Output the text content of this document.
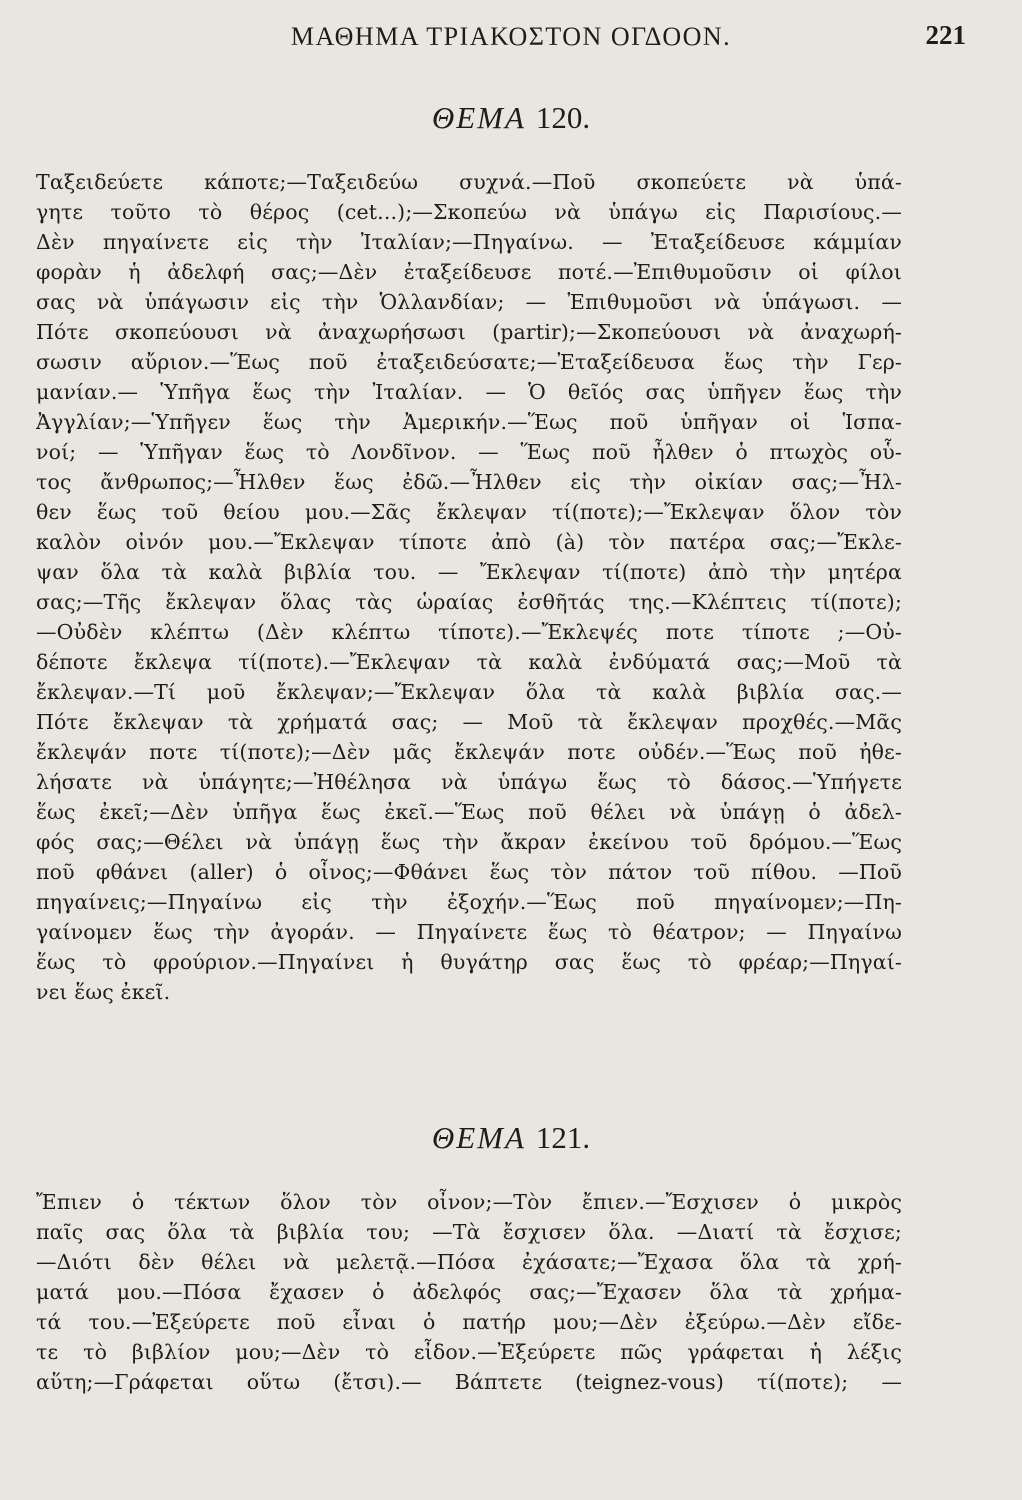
ΜΑΘΗΜΑ ΤΡΙΑΚΟΣΤΟΝ ΟΓΔΟΟΝ.	221
ΘΕΜΑ 120.
Ταξειδεύετε κάποτε;—Ταξειδεύω συχνά.—Ποῦ σκοπεύετε νὰ ὑπά-
γητε τοῦτο τὸ θέρος (cet...);—Σκοπεύω νὰ ὑπάγω εἰς Παρισίους.—
Δὲν πηγαίνετε εἰς τὴν Ἰταλίαν;—Πηγαίνω. — Ἐταξείδευσε κάμμίαν
φορὰν ἡ ἀδελφή σας;—Δὲν ἐταξείδευσε ποτέ.—Ἐπιθυμοῦσιν οἱ φίλοι
σας νὰ ὑπάγωσιν εἰς τὴν Ὁλλανδίαν; — Ἐπιθυμοῦσι νὰ ὑπάγωσι. —
Πότε σκοπεύουσι νὰ ἀναχωρήσωσι (partir);—Σκοπεύουσι νὰ ἀναχωρή-
σωσιν αὔριον.—Ἕως ποῦ ἐταξειδεύσατε;—Ἐταξείδευσα ἕως τὴν Γερ-
μανίαν.— Ὑπῆγα ἕως τὴν Ἰταλίαν. — Ὁ θεῖός σας ὑπῆγεν ἕως τὴν
Ἀγγλίαν;—Ὑπῆγεν ἕως τὴν Ἀμερικήν.—Ἕως ποῦ ὑπῆγαν οἱ Ἱσπα-
νοί; — Ὑπῆγαν ἕως τὸ Λονδῖνον. — Ἕως ποῦ ἦλθεν ὁ πτωχὸς οὗ-
τος ἄνθρωπος;—Ἦλθεν ἕως ἐδῶ.—Ἦλθεν εἰς τὴν οἰκίαν σας;—Ἦλ-
θεν ἕως τοῦ θείου μου.—Σᾶς ἔκλεψαν τί(ποτε);—Ἔκλεψαν ὅλον τὸν
καλὸν οἰνόν μου.—Ἔκλεψαν τίποτε ἀπὸ (à) τὸν πατέρα σας;—Ἔκλε-
ψαν ὅλα τὰ καλὰ βιβλία του. — Ἔκλεψαν τί(ποτε) ἀπὸ τὴν μητέρα
σας;—Τῆς ἔκλεψαν ὅλας τὰς ὡραίας ἐσθῆτάς της.—Κλέπτεις τί(ποτε);
—Οὐδὲν κλέπτω (Δὲν κλέπτω τίποτε).—Ἔκλεψές ποτε τίποτε ;—Οὐ-
δέποτε ἔκλεψα τί(ποτε).—Ἔκλεψαν τὰ καλὰ ἐνδύματά σας;—Μοῦ τὰ
ἔκλεψαν.—Τί μοῦ ἔκλεψαν;—Ἔκλεψαν ὅλα τὰ καλὰ βιβλία σας.—
Πότε ἔκλεψαν τὰ χρήματά σας; — Μοῦ τὰ ἔκλεψαν προχθές.—Μᾶς
ἔκλεψάν ποτε τί(ποτε);—Δὲν μᾶς ἔκλεψάν ποτε οὐδέν.—Ἕως ποῦ ἠθε-
λήσατε νὰ ὑπάγητε;—Ἠθέλησα νὰ ὑπάγω ἕως τὸ δάσος.—Ὑπήγετε
ἕως ἐκεῖ;—Δὲν ὑπῆγα ἕως ἐκεῖ.—Ἕως ποῦ θέλει νὰ ὑπάγῃ ὁ ἀδελ-
φός σας;—Θέλει νὰ ὑπάγῃ ἕως τὴν ἄκραν ἐκείνου τοῦ δρόμου.—Ἕως
ποῦ φθάνει (aller) ὁ οἶνος;—Φθάνει ἕως τὸν πάτον τοῦ πίθου. —Ποῦ
πηγαίνεις;—Πηγαίνω εἰς τὴν ἐξοχήν.—Ἕως ποῦ πηγαίνομεν;—Πη-
γαίνομεν ἕως τὴν ἀγοράν. — Πηγαίνετε ἕως τὸ θέατρον; — Πηγαίνω
ἕως τὸ φρούριον.—Πηγαίνει ἡ θυγάτηρ σας ἕως τὸ φρέαρ;—Πηγαί-
νει ἕως ἐκεῖ.
ΘΕΜΑ 121.
Ἔπιεν ὁ τέκτων ὅλον τὸν οἶνον;—Τὸν ἔπιεν.—Ἔσχισεν ὁ μικρὸς
παῖς σας ὅλα τὰ βιβλία του; —Τὰ ἔσχισεν ὅλα. —Διατί τὰ ἔσχισε;
—Διότι δὲν θέλει νὰ μελετᾷ.—Πόσα ἐχάσατε;—Ἔχασα ὅλα τὰ χρή-
ματά μου.—Πόσα ἔχασεν ὁ ἀδελφός σας;—Ἔχασεν ὅλα τὰ χρήμα-
τά του.—Ἐξεύρετε ποῦ εἶναι ὁ πατήρ μου;—Δὲν ἐξεύρω.—Δὲν εἴδε-
τε τὸ βιβλίον μου;—Δὲν τὸ εἶδον.—Ἐξεύρετε πῶς γράφεται ἡ λέξις
αὕτη;—Γράφεται οὕτω (ἔτσι).— Βάπτετε (teignez-vous) τί(ποτε); —
